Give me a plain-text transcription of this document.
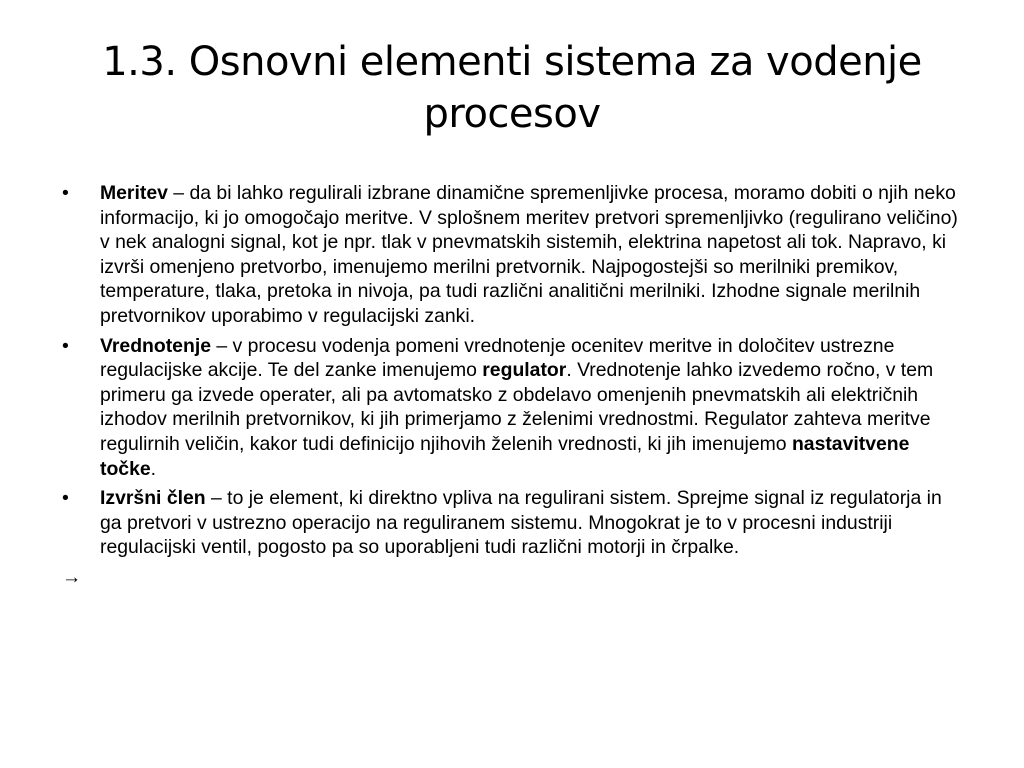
1.3. Osnovni elementi sistema za vodenje procesov
•	Meritev – da bi lahko regulirali izbrane dinamične spremenljivke procesa, moramo dobiti o njih neko informacijo, ki jo omogočajo meritve. V splošnem meritev pretvori spremenljivko (regulirano veličino) v nek analogni signal, kot je npr. tlak v pnevmatskih sistemih, elektrina napetost ali tok. Napravo, ki izvrši omenjeno pretvorbo, imenujemo merilni pretvornik. Najpogostejši so merilniki premikov, temperature, tlaka, pretoka in nivoja, pa tudi različni analitični merilniki. Izhodne signale merilnih pretvornikov uporabimo v regulacijski zanki.
•	Vrednotenje – v procesu vodenja pomeni vrednotenje ocenitev meritve in določitev ustrezne regulacijske akcije. Te del zanke imenujemo regulator. Vrednotenje lahko izvedemo ročno, v tem primeru ga izvede operater, ali pa avtomatsko z obdelavo omenjenih pnevmatskih ali električnih izhodov merilnih pretvornikov, ki jih primerjamo z želenimi vrednostmi. Regulator zahteva meritve regulirnih veličin, kakor tudi definicijo njihovih želenih vrednosti, ki jih imenujemo nastavitvene točke.
•	Izvršni člen – to je element, ki direktno vpliva na regulirani sistem. Sprejme signal iz regulatorja in ga pretvori v ustrezno operacijo na reguliranem sistemu. Mnogokrat je to v procesni industriji regulacijski ventil, pogosto pa so uporabljeni tudi različni motorji in črpalke.
→
